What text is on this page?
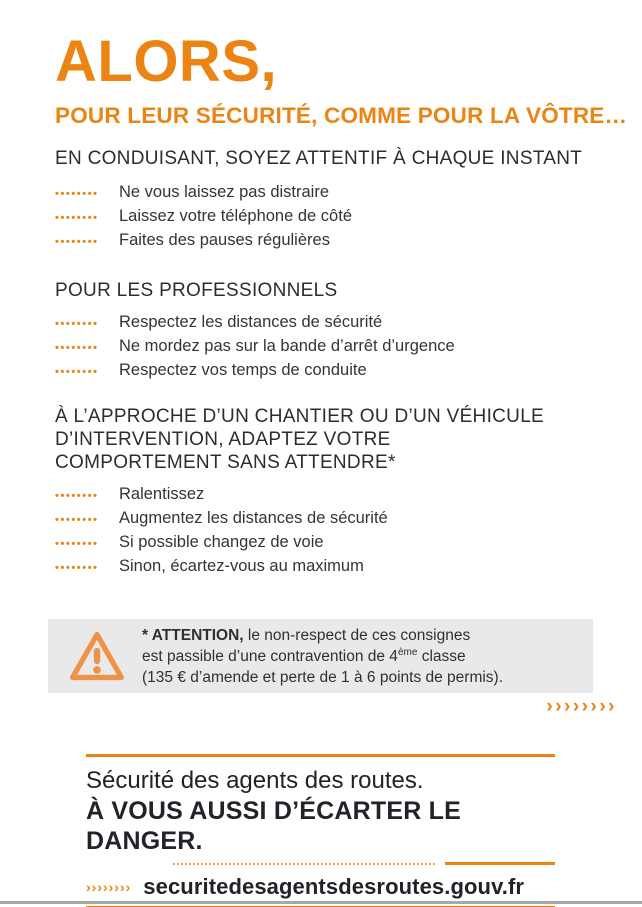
ALORS,
POUR LEUR SÉCURITÉ, COMME POUR LA VÔTRE…
EN CONDUISANT, SOYEZ ATTENTIF À CHAQUE INSTANT
••••••••	Ne vous laissez pas distraire
••••••••	Laissez votre téléphone de côté
••••••••	Faites des pauses régulières
POUR LES PROFESSIONNELS
••••••••	Respectez les distances de sécurité
••••••••	Ne mordez pas sur la bande d’arrêt d’urgence
••••••••	Respectez vos temps de conduite
À L’APPROCHE D’UN CHANTIER OU D’UN VÉHICULE D’INTERVENTION, ADAPTEZ VOTRE COMPORTEMENT SANS ATTENDRE*
••••••••	Ralentissez
••••••••	Augmentez les distances de sécurité
••••••••	Si possible changez de voie
••••••••	Sinon, écartez-vous au maximum
* ATTENTION, le non-respect de ces consignes
est passible d’une contravention de 4ème classe
(135 € d’amende et perte de 1 à 6 points de permis).
››››››››
Sécurité des agents des routes.
À VOUS AUSSI D’ÉCARTER LE DANGER.
›››››››› securitedesagentsdesroutes.gouv.fr
